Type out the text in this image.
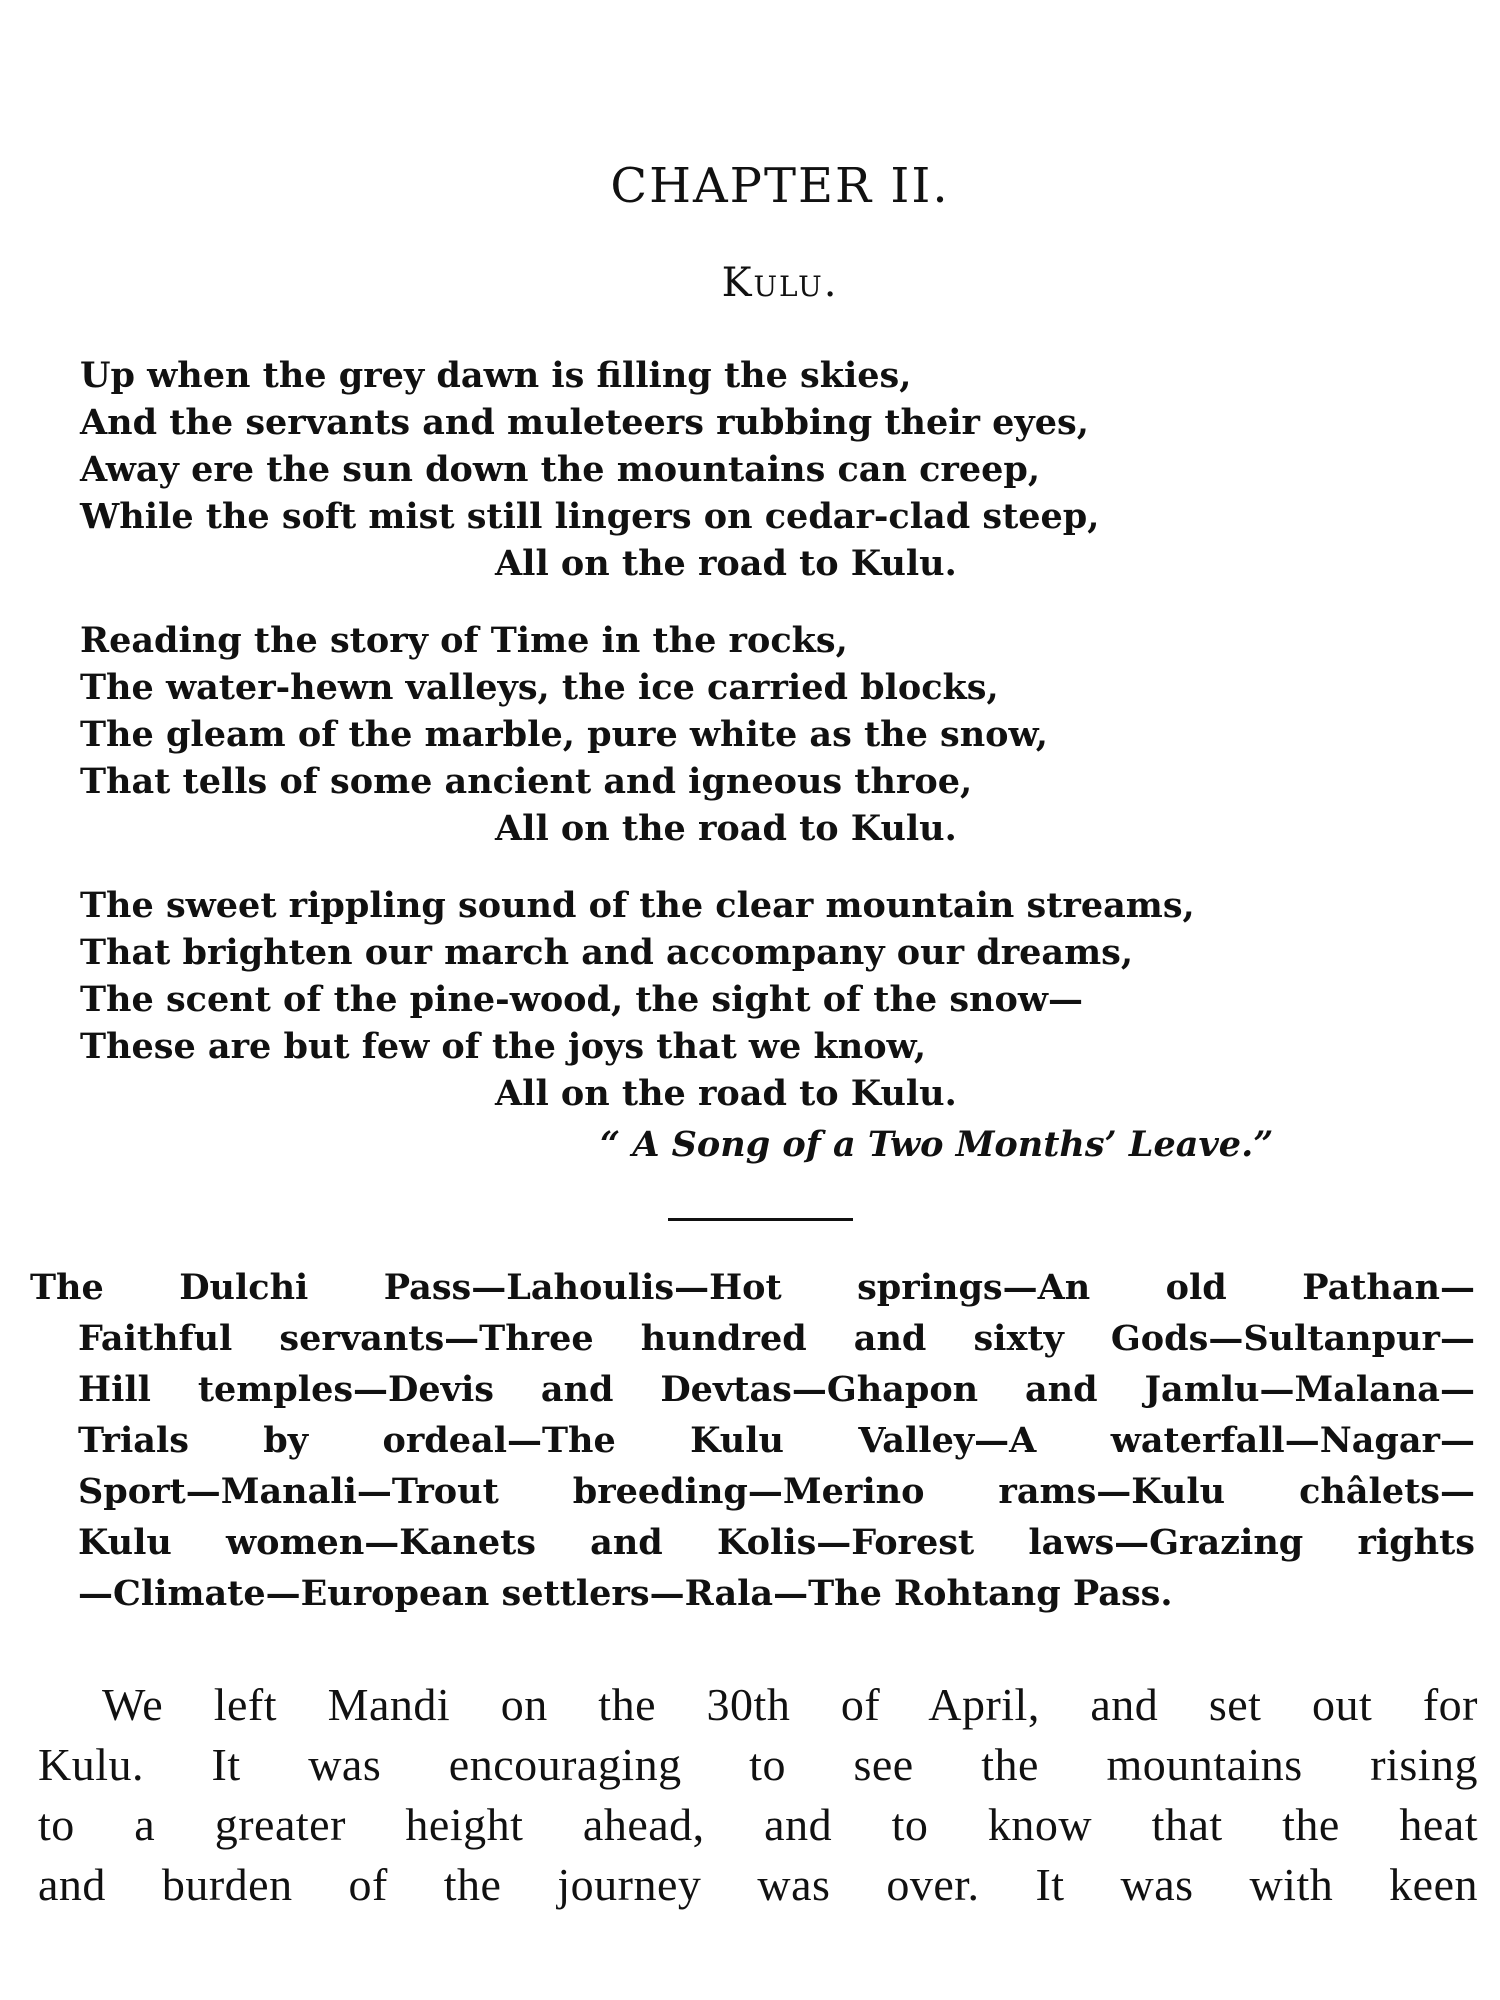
CHAPTER II.
Kulu.
Up when the grey dawn is filling the skies,
And the servants and muleteers rubbing their eyes,
Away ere the sun down the mountains can creep,
While the soft mist still lingers on cedar-clad steep,
All on the road to Kulu.
Reading the story of Time in the rocks,
The water-hewn valleys, the ice carried blocks,
The gleam of the marble, pure white as the snow,
That tells of some ancient and igneous throe,
All on the road to Kulu.
The sweet rippling sound of the clear mountain streams,
That brighten our march and accompany our dreams,
The scent of the pine-wood, the sight of the snow—
These are but few of the joys that we know,
All on the road to Kulu.
“ A Song of a Two Months’ Leave.”
The Dulchi Pass—Lahoulis—Hot springs—An old Pathan—
Faithful servants—Three hundred and sixty Gods—Sultanpur—
Hill temples—Devis and Devtas—Ghapon and Jamlu—Malana—
Trials by ordeal—The Kulu Valley—A waterfall—Nagar—
Sport—Manali—Trout breeding—Merino rams—Kulu châlets—
Kulu women—Kanets and Kolis—Forest laws—Grazing rights
—Climate—European settlers—Rala—The Rohtang Pass.
We left Mandi on the 30th of April, and set out for
Kulu. It was encouraging to see the mountains rising
to a greater height ahead, and to know that the heat
and burden of the journey was over. It was with keen
